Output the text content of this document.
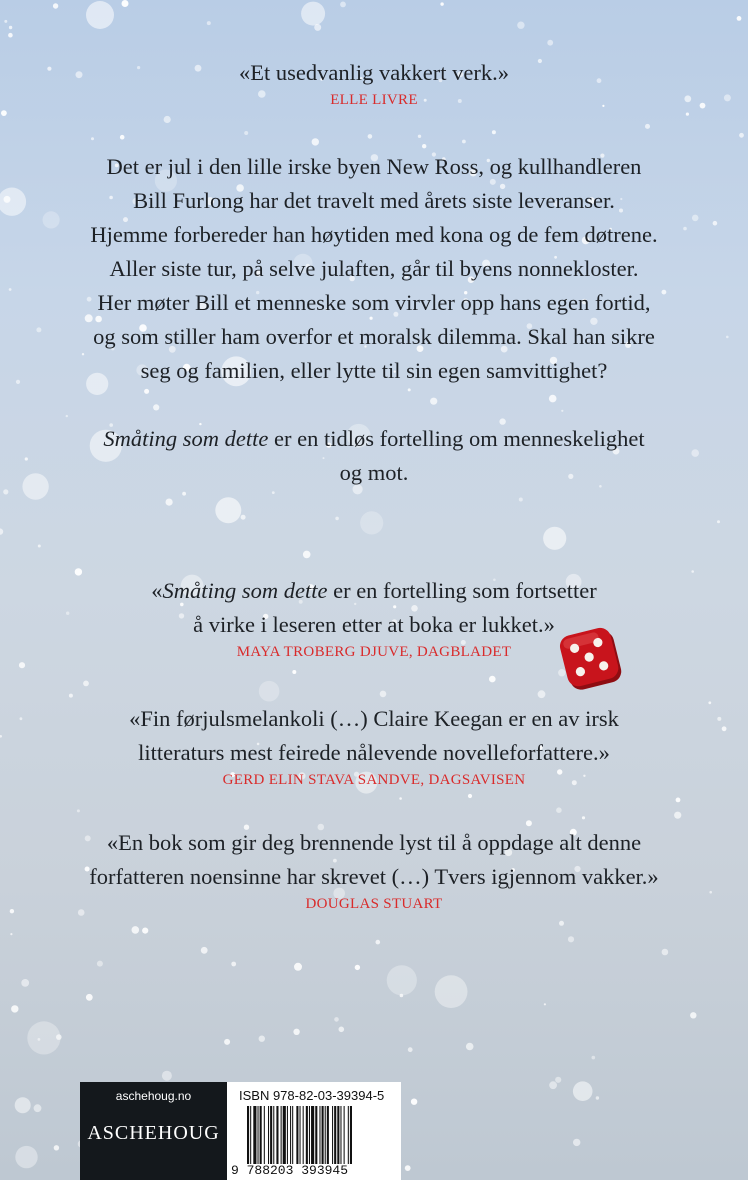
«Et usedvanlig vakkert verk.»
ELLE LIVRE
Det er jul i den lille irske byen New Ross, og kullhandleren
Bill Furlong har det travelt med årets siste leveranser.
Hjemme forbereder han høytiden med kona og de fem døtrene.
Aller siste tur, på selve julaften, går til byens nonnekloster.
Her møter Bill et menneske som virvler opp hans egen fortid,
og som stiller ham overfor et moralsk dilemma. Skal han sikre
seg og familien, eller lytte til sin egen samvittighet?
Småting som dette er en tidløs fortelling om menneskelighet
og mot.
«Småting som dette er en fortelling som fortsetter
å virke i leseren etter at boka er lukket.»
MAYA TROBERG DJUVE, DAGBLADET
«Fin førjulsmelankoli (…) Claire Keegan er en av irsk
litteraturs mest feirede nålevende novelleforfattere.»
GERD ELIN STAVA SANDVE, DAGSAVISEN
«En bok som gir deg brennende lyst til å oppdage alt denne
forfatteren noensinne har skrevet (…) Tvers igjennom vakker.»
DOUGLAS STUART
aschehoug.no
ASCHEHOUG
ISBN 978-82-03-39394-5
9 788203 393945
